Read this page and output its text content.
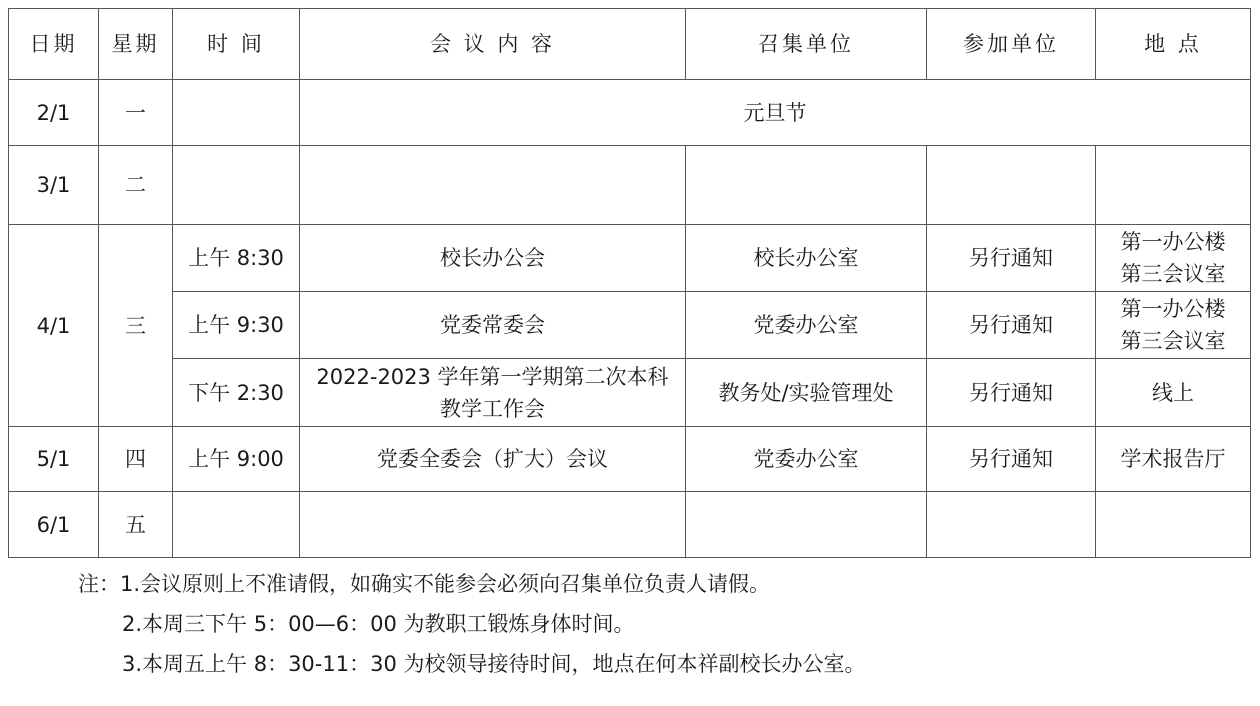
日期	星期	时 间	会 议 内 容	召集单位	参加单位	地 点
2/1	一		元旦节			
3/1	二					
4/1	三	上午 8:30	校长办公会	校长办公室	另行通知	第一办公楼
第三会议室

		上午 9:30	党委常委会	党委办公室	另行通知	第一办公楼
第三会议室

		下午 2:30	2022-2023 学年第一学期第二次本科
教学工作会	教务处/实验管理处	另行通知	线上
5/1	四	上午 9:00	党委全委会（扩大）会议	党委办公室	另行通知	学术报告厅
6/1	五					
注：1.会议原则上不准请假，如确实不能参会必须向召集单位负责人请假。
2.本周三下午 5：00—6：00 为教职工锻炼身体时间。
3.本周五上午 8：30-11：30 为校领导接待时间，地点在何本祥副校长办公室。
